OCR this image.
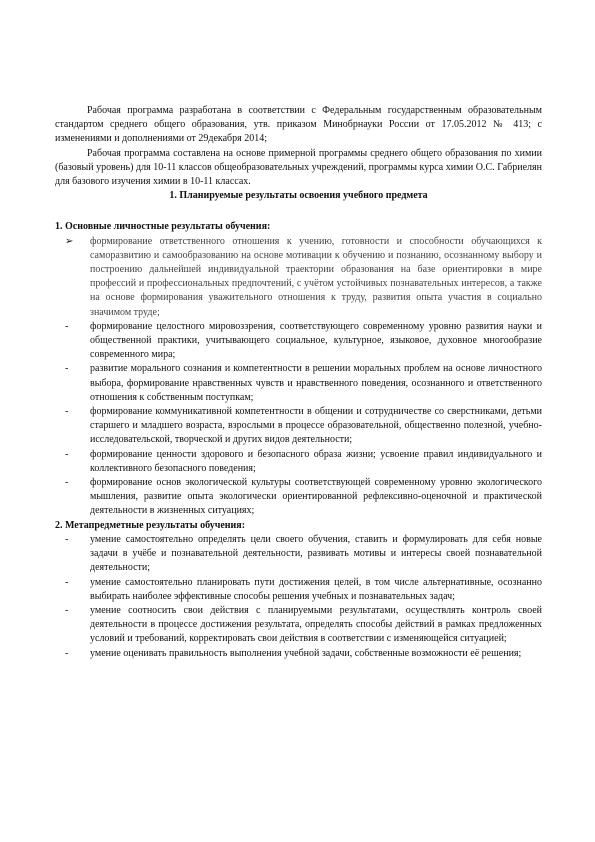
Рабочая программа разработана в соответствии с Федеральным государственным образовательным стандартом среднего общего образования, утв. приказом Минобрнауки России от 17.05.2012 № 413; с изменениями и дополнениями от 29декабря 2014;

Рабочая программа составлена на основе примерной программы среднего общего образования по химии (базовый уровень) для 10-11 классов общеобразовательных учреждений, программы курса химии О.С. Габриелян для базового изучения химии в 10-11 классах.

1. Планируемые результаты освоения учебного предмета

1. Основные личностные результаты обучения:

➢	формирование ответственного отношения к учению, готовности и способности обучающихся к саморазвитию и самообразованию на основе мотивации к обучению и познанию, осознанному выбору и построению дальнейшей индивидуальной траектории образования на базе ориентировки в мире профессий и профессиональных предпочтений, с учётом устойчивых познавательных интересов, а также на основе формирования уважительного отношения к труду, развития опыта участия в социально значимом труде;
-	формирование целостного мировоззрения, соответствующего современному уровню развития науки и общественной практики, учитывающего социальное, культурное, языковое, духовное многообразие современного мира;
-	развитие морального сознания и компетентности в решении моральных проблем на основе личностного выбора, формирование нравственных чувств и нравственного поведения, осознанного и ответственного отношения к собственным поступкам;
-	формирование коммуникативной компетентности в общении и сотрудничестве со сверстниками, детьми старшего и младшего возраста, взрослыми в процессе образовательной, общественно полезной, учебно-исследовательской, творческой и других видов деятельности;
-	формирование ценности здорового и безопасного образа жизни; усвоение правил индивидуального и коллективного безопасного поведения;
-	формирование основ экологической культуры соответствующей современному уровню экологического мышления, развитие опыта экологически ориентированной рефлексивно-оценочной и практической деятельности в жизненных ситуациях;

2. Метапредметные результаты обучения:

-	умение самостоятельно определять цели своего обучения, ставить и формулировать для себя новые задачи в учёбе и познавательной деятельности, развивать мотивы и интересы своей познавательной деятельности;
-	умение самостоятельно планировать пути достижения целей, в том числе альтернативные, осознанно выбирать наиболее эффективные способы решения учебных и познавательных задач;
-	умение соотносить свои действия с планируемыми результатами, осуществлять контроль своей деятельности в процессе достижения результата, определять способы действий в рамках предложенных условий и требований, корректировать свои действия в соответствии с изменяющейся ситуацией;
-	умение оценивать правильность выполнения учебной задачи, собственные возможности её решения;
